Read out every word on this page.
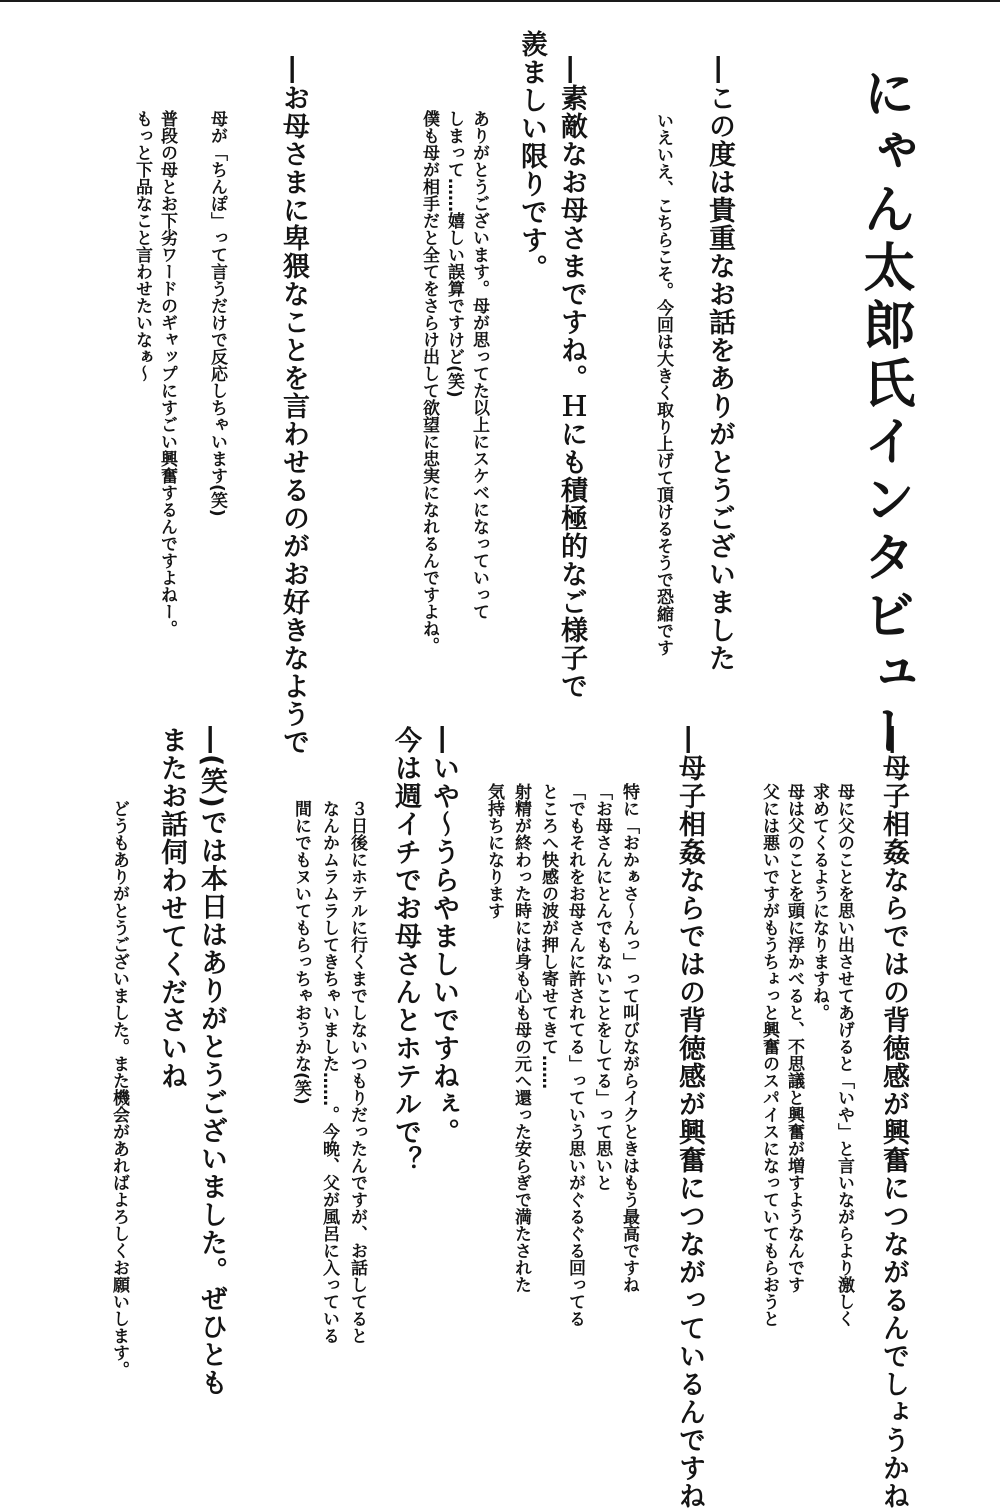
にゃん太郎氏インタビュー
―この度は貴重なお話をありがとうございました
いえいえ、こちらこそ。今回は大きく取り上げて頂けるそうで恐縮です
―素敵なお母さまですね。Ｈにも積極的なご様子で
羨ましい限りです。
ありがとうございます。母が思ってた以上にスケベになっていって
しまって……嬉しい誤算ですけど(笑)
僕も母が相手だと全てをさらけ出して欲望に忠実になれるんですよね。
―お母さまに卑猥なことを言わせるのがお好きなようで
母が「ちんぽ」って言うだけで反応しちゃいます(笑)
普段の母とお下劣ワードのギャップにすごい興奮するんですよねー。
もっと下品なこと言わせたいなぁ〜
―母子相姦ならではの背徳感が興奮につながるんでしょうかね
母に父のことを思い出させてあげると「いや」と言いながらより激しく
求めてくるようになりますね。
母は父のことを頭に浮かべると、不思議と興奮が増すようなんです
父には悪いですがもうちょっと興奮のスパイスになっていてもらおうと
―母子相姦ならではの背徳感が興奮につながっているんですね
特に「おかぁさ〜んっ」って叫びながらイクときはもう最高ですね
「お母さんにとんでもないことをしてる」って思いと
「でもそれをお母さんに許されてる」っていう思いがぐるぐる回ってる
ところへ快感の波が押し寄せてきて……
射精が終わった時には身も心も母の元へ還った安らぎで満たされた
気持ちになります
―いや〜うらやましいですねぇ。
今は週イチでお母さんとホテルで？
３日後にホテルに行くまでしないつもりだったんですが、お話してると
なんかムラムラしてきちゃいました……。今晩、父が風呂に入っている
間にでもヌいてもらっちゃおうかな(笑)
―(笑)では本日はありがとうございました。ぜひとも
またお話伺わせてくださいね
どうもありがとうございました。また機会があればよろしくお願いします。
